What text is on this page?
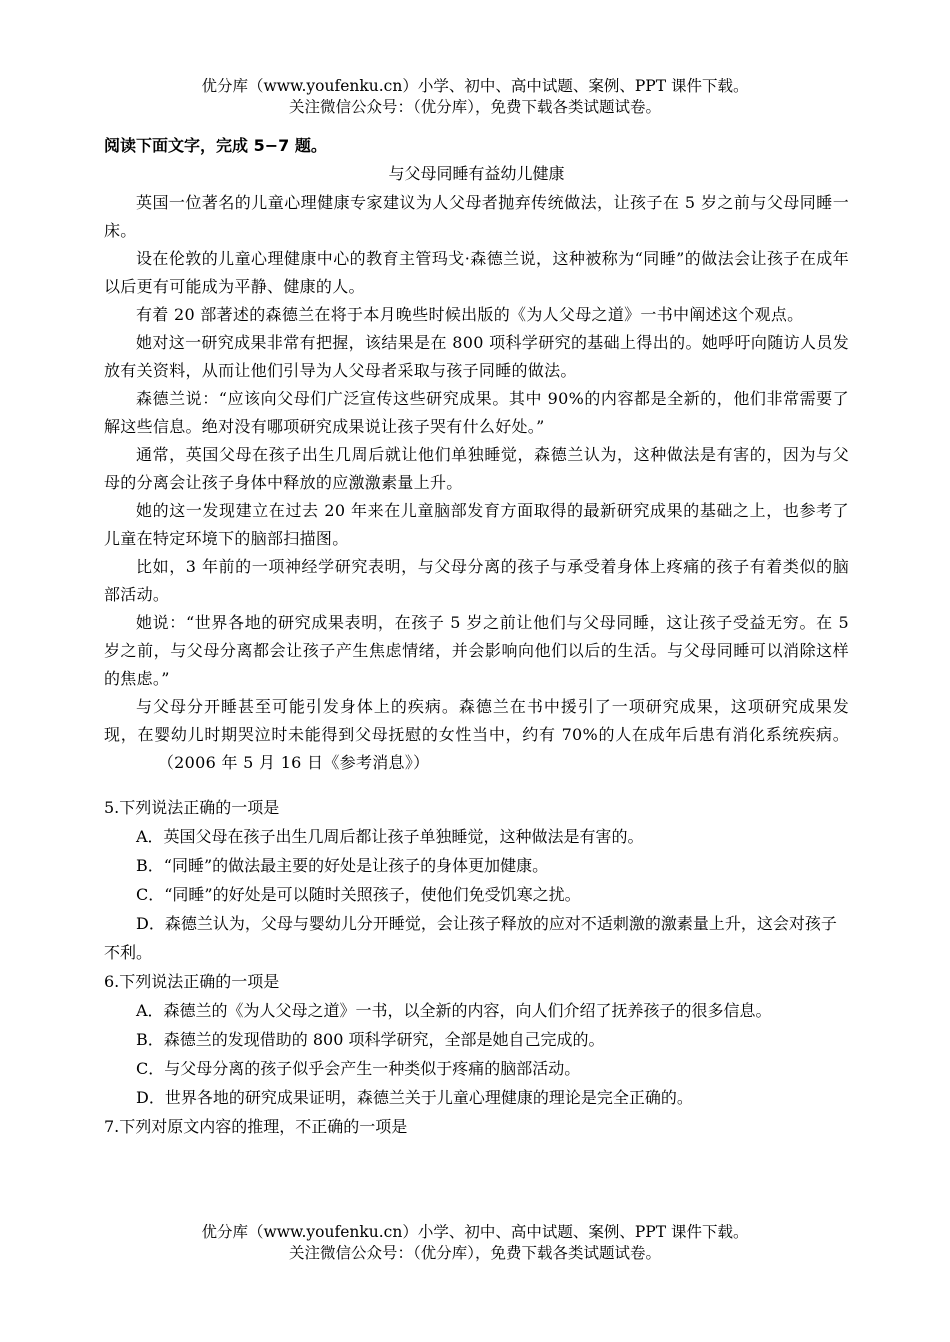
优分库（www.youfenku.cn）小学、初中、高中试题、案例、PPT 课件下载。
关注微信公众号：（优分库），免费下载各类试题试卷。

阅读下面文字，完成 5−7 题。

与父母同睡有益幼儿健康

英国一位著名的儿童心理健康专家建议为人父母者抛弃传统做法，让孩子在 5 岁之前与父母同睡一床。

设在伦敦的儿童心理健康中心的教育主管玛戈·森德兰说，这种被称为“同睡”的做法会让孩子在成年以后更有可能成为平静、健康的人。

有着 20 部著述的森德兰在将于本月晚些时候出版的《为人父母之道》一书中阐述这个观点。

她对这一研究成果非常有把握，该结果是在 800 项科学研究的基础上得出的。她呼吁向随访人员发放有关资料，从而让他们引导为人父母者采取与孩子同睡的做法。

森德兰说：“应该向父母们广泛宣传这些研究成果。其中 90%的内容都是全新的，他们非常需要了解这些信息。绝对没有哪项研究成果说让孩子哭有什么好处。”

通常，英国父母在孩子出生几周后就让他们单独睡觉，森德兰认为，这种做法是有害的，因为与父母的分离会让孩子身体中释放的应激激素量上升。

她的这一发现建立在过去 20 年来在儿童脑部发育方面取得的最新研究成果的基础之上，也参考了儿童在特定环境下的脑部扫描图。

比如，3 年前的一项神经学研究表明，与父母分离的孩子与承受着身体上疼痛的孩子有着类似的脑部活动。

她说：“世界各地的研究成果表明，在孩子 5 岁之前让他们与父母同睡，这让孩子受益无穷。在 5 岁之前，与父母分离都会让孩子产生焦虑情绪，并会影响向他们以后的生活。与父母同睡可以消除这样的焦虑。”

与父母分开睡甚至可能引发身体上的疾病。森德兰在书中援引了一项研究成果，这项研究成果发现，在婴幼儿时期哭泣时未能得到父母抚慰的女性当中，约有 70%的人在成年后患有消化系统疾病。          （2006 年 5 月 16 日《参考消息》）

5.下列说法正确的一项是

A．英国父母在孩子出生几周后都让孩子单独睡觉，这种做法是有害的。

B．“同睡”的做法最主要的好处是让孩子的身体更加健康。

C．“同睡”的好处是可以随时关照孩子，使他们免受饥寒之扰。

D．森德兰认为，父母与婴幼儿分开睡觉，会让孩子释放的应对不适刺激的激素量上升，这会对孩子不利。

6.下列说法正确的一项是

A．森德兰的《为人父母之道》一书，以全新的内容，向人们介绍了抚养孩子的很多信息。

B．森德兰的发现借助的 800 项科学研究，全部是她自己完成的。

C．与父母分离的孩子似乎会产生一种类似于疼痛的脑部活动。

D．世界各地的研究成果证明，森德兰关于儿童心理健康的理论是完全正确的。

7.下列对原文内容的推理，不正确的一项是

优分库（www.youfenku.cn）小学、初中、高中试题、案例、PPT 课件下载。
关注微信公众号：（优分库），免费下载各类试题试卷。
